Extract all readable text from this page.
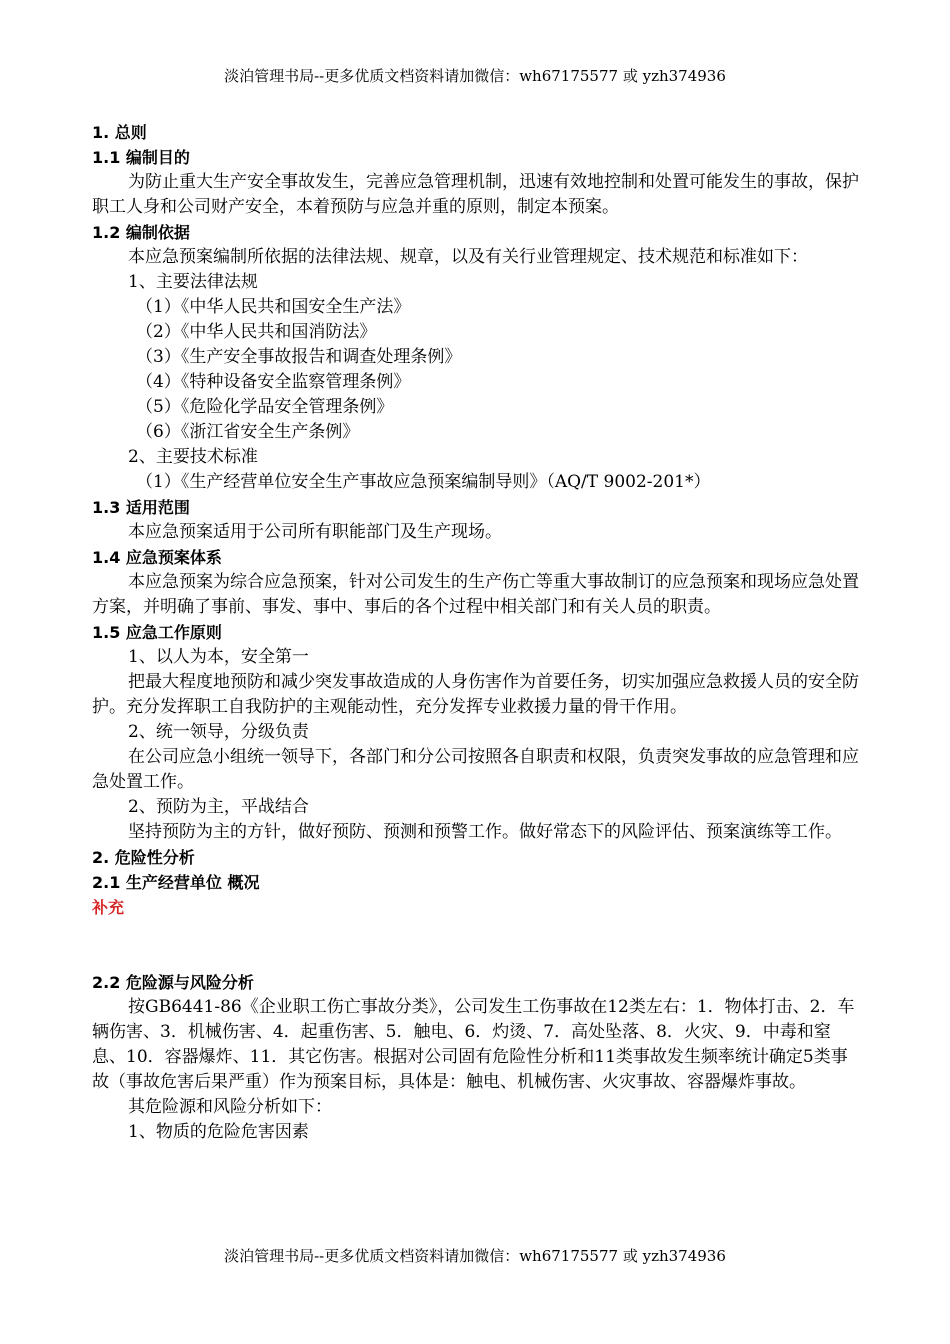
淡泊管理书局--更多优质文档资料请加微信：wh67175577 或 yzh374936
1. 总则
1.1 编制目的

为防止重大生产安全事故发生，完善应急管理机制，迅速有效地控制和处置可能发生的事故，保护职工人身和公司财产安全，本着预防与应急并重的原则，制定本预案。

1.2 编制依据

本应急预案编制所依据的法律法规、规章，以及有关行业管理规定、技术规范和标准如下：

1、主要法律法规

（1）《中华人民共和国安全生产法》

（2）《中华人民共和国消防法》

（3）《生产安全事故报告和调查处理条例》

（4）《特种设备安全监察管理条例》

（5）《危险化学品安全管理条例》

（6）《浙江省安全生产条例》

2、主要技术标准

（1）《生产经营单位安全生产事故应急预案编制导则》（AQ/T 9002-201*）

1.3 适用范围

本应急预案适用于公司所有职能部门及生产现场。

1.4 应急预案体系

本应急预案为综合应急预案，针对公司发生的生产伤亡等重大事故制订的应急预案和现场应急处置方案，并明确了事前、事发、事中、事后的各个过程中相关部门和有关人员的职责。

1.5 应急工作原则

1、以人为本，安全第一

把最大程度地预防和减少突发事故造成的人身伤害作为首要任务，切实加强应急救援人员的安全防护。充分发挥职工自我防护的主观能动性，充分发挥专业救援力量的骨干作用。

2、统一领导，分级负责

在公司应急小组统一领导下，各部门和分公司按照各自职责和权限，负责突发事故的应急管理和应急处置工作。

2、预防为主，平战结合

坚持预防为主的方针，做好预防、预测和预警工作。做好常态下的风险评估、预案演练等工作。

2. 危险性分析
2.1 生产经营单位 概况
补充
2.2 危险源与风险分析

按GB6441-86《企业职工伤亡事故分类》，公司发生工伤事故在12类左右：1．物体打击、2．车辆伤害、3．机械伤害、4．起重伤害、5．触电、6．灼烫、7．高处坠落、8．火灾、9．中毒和窒息、10．容器爆炸、11．其它伤害。根据对公司固有危险性分析和11类事故发生频率统计确定5类事故（事故危害后果严重）作为预案目标，具体是：触电、机械伤害、火灾事故、容器爆炸事故。

其危险源和风险分析如下：

1、物质的危险危害因素

淡泊管理书局--更多优质文档资料请加微信：wh67175577 或 yzh374936
